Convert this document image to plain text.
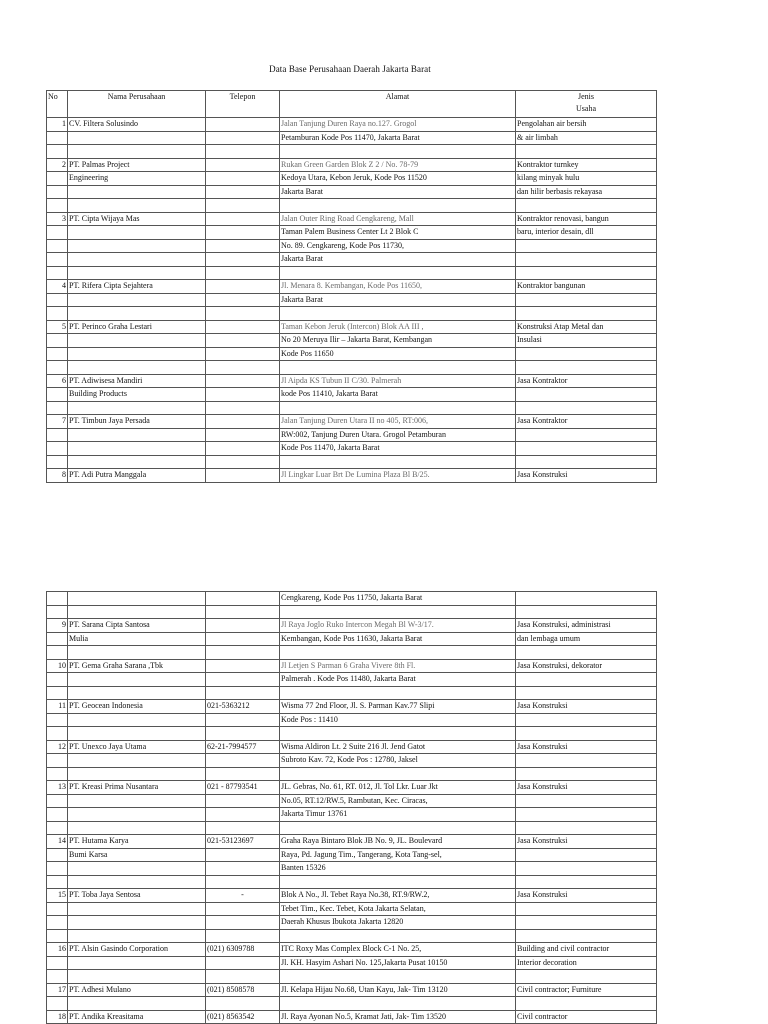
Data Base Perusahaan Daerah Jakarta Barat
No	Nama Perusahaan	Telepon	Alamat	Jenis
Usaha
1	CV. Filtera Solusindo		Jalan Tanjung Duren Raya no.127. Grogol	Pengolahan air bersih
			Petamburan Kode Pos 11470, Jakarta Barat	& air limbah

2	PT. Palmas Project		Rukan Green Garden Blok Z 2 / No. 78-79	Kontraktor turnkey
	Engineering		Kedoya Utara, Kebon Jeruk, Kode Pos 11520	kilang minyak hulu
			Jakarta Barat	dan hilir berbasis rekayasa

3	PT. Cipta Wijaya Mas		Jalan Outer Ring Road Cengkareng, Mall	Kontraktor renovasi, bangun
			Taman Palem Business Center Lt 2 Blok C	baru, interior desain, dll
			No. 89. Cengkareng, Kode Pos 11730,	
			Jakarta Barat	

4	PT. Rifera Cipta Sejahtera		Jl. Menara 8. Kembangan, Kode Pos 11650,	Kontraktor bangunan
			Jakarta Barat	

5	PT. Perinco Graha Lestari		Taman Kebon Jeruk (Intercon) Blok AA III ,	Konstruksi Atap Metal dan
			No 20 Meruya Ilir – Jakarta Barat, Kembangan	Insulasi
			Kode Pos 11650	

6	PT. Adiwisesa Mandiri		Jl Aipda KS Tubun II C/30. Palmerah	Jasa Kontraktor
	Building Products		kode Pos 11410, Jakarta Barat	

7	PT. Timbun Jaya Persada		Jalan Tanjung Duren Utara II no 405, RT:006,	Jasa Kontraktor
			RW:002, Tanjung Duren Utara. Grogol Petamburan	
			Kode Pos 11470, Jakarta Barat	

8	PT. Adi Putra Manggala		Jl Lingkar Luar Brt De Lumina Plaza Bl B/25.	Jasa Konstruksi
			Cengkareng, Kode Pos 11750, Jakarta Barat	

9	PT. Sarana Cipta Santosa		Jl Raya Joglo Ruko Intercon Megah Bl W-3/17.	Jasa Konstruksi, administrasi
	Mulia		Kembangan, Kode Pos 11630, Jakarta Barat	dan lembaga umum

10	PT. Gema Graha Sarana ,Tbk		Jl Letjen S Parman 6 Graha Vivere 8th Fl.	Jasa Konstruksi, dekorator
			Palmerah . Kode Pos 11480, Jakarta Barat	

11	PT. Geocean Indonesia	021-5363212	Wisma 77 2nd Floor, Jl. S. Parman Kav.77 Slipi	Jasa Konstruksi
			Kode Pos : 11410	

12	PT. Unexco Jaya Utama	62-21-7994577	Wisma Aldiron Lt. 2 Suite 216 Jl. Jend Gatot	Jasa Konstruksi
			Subroto Kav. 72, Kode Pos : 12780, Jaksel	

13	PT. Kreasi Prima Nusantara	021 - 87793541	JL. Gebras, No. 61, RT. 012, Jl. Tol Lkr. Luar Jkt	Jasa Konstruksi
			No.05, RT.12/RW.5, Rambutan, Kec. Ciracas,	
			Jakarta Timur 13761	

14	PT. Hutama Karya	021-53123697	Graha Raya Bintaro Blok JB No. 9, JL. Boulevard	Jasa Konstruksi
	Bumi Karsa		Raya, Pd. Jagung Tim., Tangerang, Kota Tang-sel,	
			Banten 15326	

15	PT. Toba Jaya Sentosa	-	Blok A No., Jl. Tebet Raya No.38, RT.9/RW.2,	Jasa Konstruksi
			Tebet Tim., Kec. Tebet, Kota Jakarta Selatan,	
			Daerah Khusus Ibukota Jakarta 12820	

16	PT. Alsin Gasindo Corporation	(021) 6309788	ITC Roxy Mas Complex Block C-1 No. 25,	Building and civil contractor
			Jl. KH. Hasyim Ashari No. 125,Jakarta Pusat 10150	Interior decoration

17	PT. Adhesi Mulano	(021) 8508578	Jl. Kelapa Hijau No.68, Utan Kayu, Jak- Tim 13120	Civil contractor; Furniture

18	PT. Andika Kreasitama	(021) 8563542	Jl. Raya Ayonan No.5, Kramat Jati, Jak- Tim 13520	Civil contractor
